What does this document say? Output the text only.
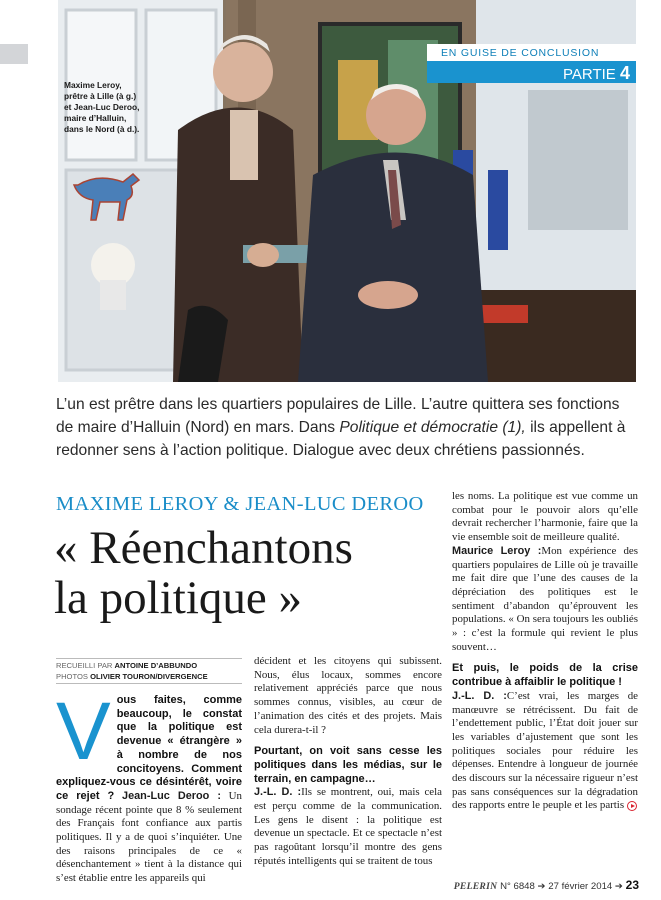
Maxime Leroy,
prêtre à Lille (à g.)
et Jean-Luc Deroo,
maire d’Halluin,
dans le Nord (à d.).
EN GUISE DE CONCLUSION
PARTIE 4
L’un est prêtre dans les quartiers populaires de Lille. L’autre quittera ses fonctions de maire d’Halluin (Nord) en mars. Dans Politique et démocratie (1), ils appellent à redonner sens à l’action politique. Dialogue avec deux chrétiens passionnés.
MAXIME LEROY & JEAN-LUC DEROO
« Réenchantons
la politique »
RECUEILLI PAR ANTOINE D’ABBUNDO
PHOTOS OLIVIER TOURON/DIVERGENCE
V ous faites, comme beaucoup, le constat que la politique est devenue « étrangère » à nombre de nos concitoyens. Comment expliquez-vous ce désintérêt, voire ce rejet ? Jean-Luc Deroo : Un sondage récent pointe que 8 % seulement des Français font confiance aux partis politiques. Il y a de quoi s’inquiéter. Une des raisons principales de ce « désenchantement » tient à la distance qui s’est établie entre les appareils qui
décident et les citoyens qui subissent. Nous, élus locaux, sommes encore relativement appréciés parce que nous sommes connus, visibles, au cœur de l’animation des cités et des projets. Mais cela durera-t-il ?
Pourtant, on voit sans cesse les politiques dans les médias, sur le terrain, en campagne…
J.-L. D. :Ils se montrent, oui, mais cela est perçu comme de la communication. Les gens le disent : la politique est devenue un spectacle. Et ce spectacle n’est pas ragoûtant lorsqu’il montre des gens réputés intelligents qui se traitent de tous
les noms. La politique est vue comme un combat pour le pouvoir alors qu’elle devrait rechercher l’harmonie, faire que la vie ensemble soit de meilleure qualité.
Maurice Leroy :Mon expérience des quartiers populaires de Lille où je travaille me fait dire que l’une des causes de la dépréciation des politiques est le sentiment d’abandon qu’éprouvent les populations. « On sera toujours les oubliés » : c’est la formule qui revient le plus souvent…
Et puis, le poids de la crise contribue à affaiblir le politique !
J.-L. D. :C’est vrai, les marges de manœuvre se rétrécissent. Du fait de l’endettement public, l’État doit jouer sur les variables d’ajustement que sont les politiques sociales pour réduire les dépenses. Entendre à longueur de journée des discours sur la nécessaire rigueur n’est pas sans conséquences sur la dégradation des rapports entre le peuple et les partis
PELERIN N° 6848 ➔ 27 février 2014 ➔ 23
